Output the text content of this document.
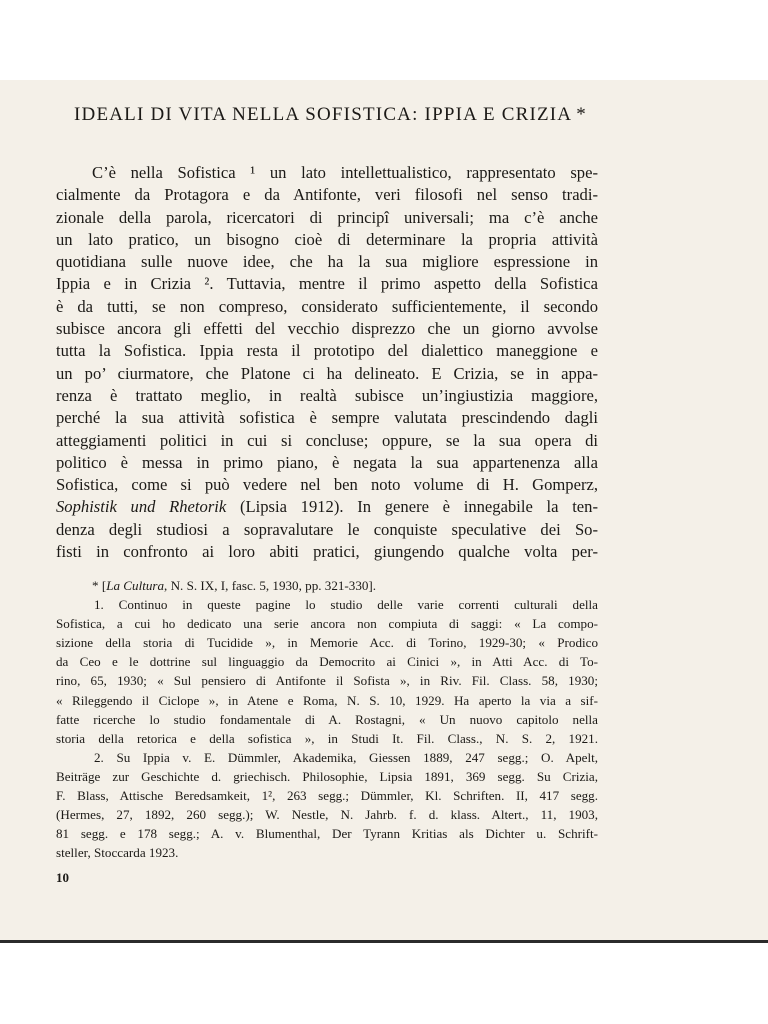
IDEALI DI VITA NELLA SOFISTICA: IPPIA E CRIZIA *
C’è nella Sofistica ¹ un lato intellettualistico, rappresentato spe-
cialmente da Protagora e da Antifonte, veri filosofi nel senso tradi-
zionale della parola, ricercatori di principî universali; ma c’è anche
un lato pratico, un bisogno cioè di determinare la propria attività
quotidiana sulle nuove idee, che ha la sua migliore espressione in
Ippia e in Crizia ². Tuttavia, mentre il primo aspetto della Sofistica
è da tutti, se non compreso, considerato sufficientemente, il secondo
subisce ancora gli effetti del vecchio disprezzo che un giorno avvolse
tutta la Sofistica. Ippia resta il prototipo del dialettico maneggione e
un po’ ciurmatore, che Platone ci ha delineato. E Crizia, se in appa-
renza è trattato meglio, in realtà subisce un’ingiustizia maggiore,
perché la sua attività sofistica è sempre valutata prescindendo dagli
atteggiamenti politici in cui si concluse; oppure, se la sua opera di
politico è messa in primo piano, è negata la sua appartenenza alla
Sofistica, come si può vedere nel ben noto volume di H. Gomperz,
Sophistik und Rhetorik (Lipsia 1912). In genere è innegabile la ten-
denza degli studiosi a sopravalutare le conquiste speculative dei So-
fisti in confronto ai loro abiti pratici, giungendo qualche volta per-
* [La Cultura, N. S. IX, I, fasc. 5, 1930, pp. 321-330].
1. Continuo in queste pagine lo studio delle varie correnti culturali della
Sofistica, a cui ho dedicato una serie ancora non compiuta di saggi: « La compo-
sizione della storia di Tucidide », in Memorie Acc. di Torino, 1929-30; « Prodico
da Ceo e le dottrine sul linguaggio da Democrito ai Cinici », in Atti Acc. di To-
rino, 65, 1930; « Sul pensiero di Antifonte il Sofista », in Riv. Fil. Class. 58, 1930;
« Rileggendo il Ciclope », in Atene e Roma, N. S. 10, 1929. Ha aperto la via a sif-
fatte ricerche lo studio fondamentale di A. Rostagni, « Un nuovo capitolo nella
storia della retorica e della sofistica », in Studi It. Fil. Class., N. S. 2, 1921.
2. Su Ippia v. E. Dümmler, Akademika, Giessen 1889, 247 segg.; O. Apelt,
Beiträge zur Geschichte d. griechisch. Philosophie, Lipsia 1891, 369 segg. Su Crizia,
F. Blass, Attische Beredsamkeit, 1², 263 segg.; Dümmler, Kl. Schriften. II, 417 segg.
(Hermes, 27, 1892, 260 segg.); W. Nestle, N. Jahrb. f. d. klass. Altert., 11, 1903,
81 segg. e 178 segg.; A. v. Blumenthal, Der Tyrann Kritias als Dichter u. Schrift-
steller, Stoccarda 1923.
10
